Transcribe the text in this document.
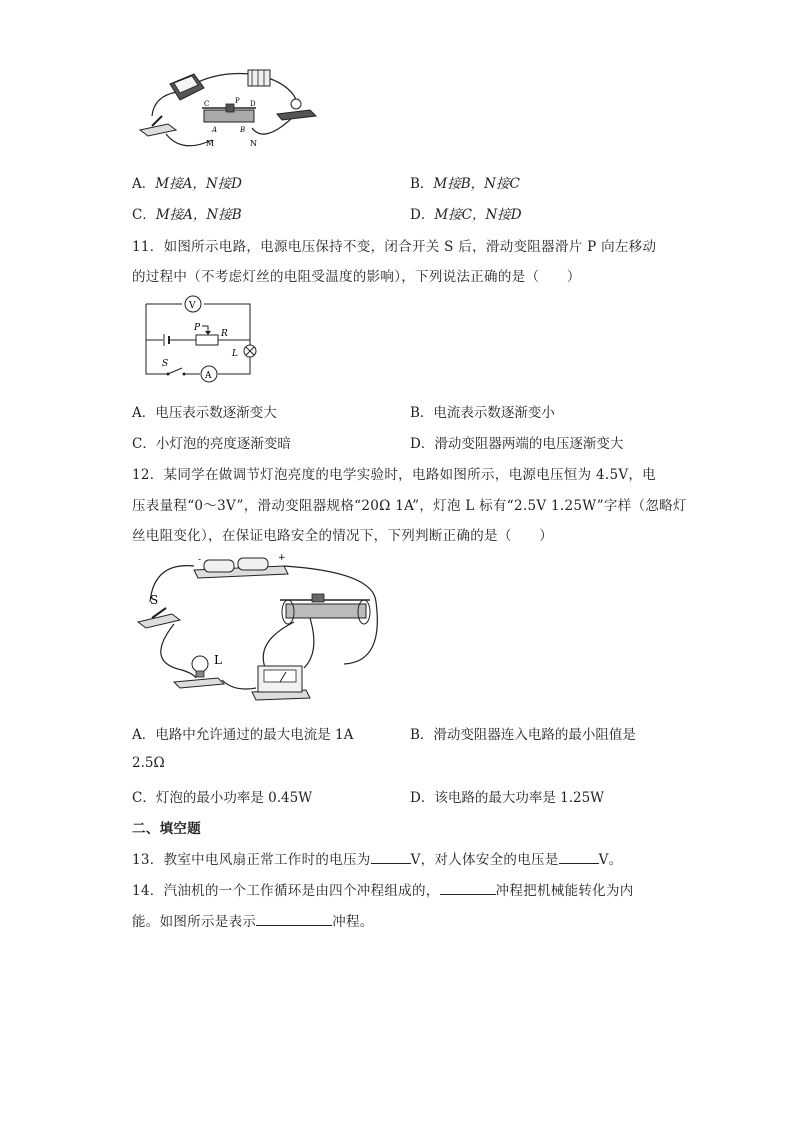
C	P D
A	B
M	N
A．M接A，N接D	B．M接B，N接C
C．M接A，N接B	D．M接C，N接D
11．如图所示电路，电源电压保持不变，闭合开关 S 后，滑动变阻器滑片 P 向左移动
的过程中（不考虑灯丝的电阻受温度的影响），下列说法正确的是（　　）
V
P
R
L
S
A
A．电压表示数逐渐变大	B．电流表示数逐渐变小
C．小灯泡的亮度逐渐变暗	D．滑动变阻器两端的电压逐渐变大
12．某同学在做调节灯泡亮度的电学实验时，电路如图所示，电源电压恒为 4.5V，电
压表量程“0～3V”，滑动变阻器规格“20Ω 1A”，灯泡 L 标有“2.5V 1.25W”字样（忽略灯
丝电阻变化），在保证电路安全的情况下，下列判断正确的是（　　）
-	+
S
L
A．电路中允许通过的最大电流是 1A	B．滑动变阻器连入电路的最小阻值是
2.5Ω
C．灯泡的最小功率是 0.45W	D．该电路的最大功率是 1.25W
二、填空题
13．教室中电风扇正常工作时的电压为	V，对人体安全的电压是	V。
14．汽油机的一个工作循环是由四个冲程组成的，	冲程把机械能转化为内
能。如图所示是表示	冲程。
